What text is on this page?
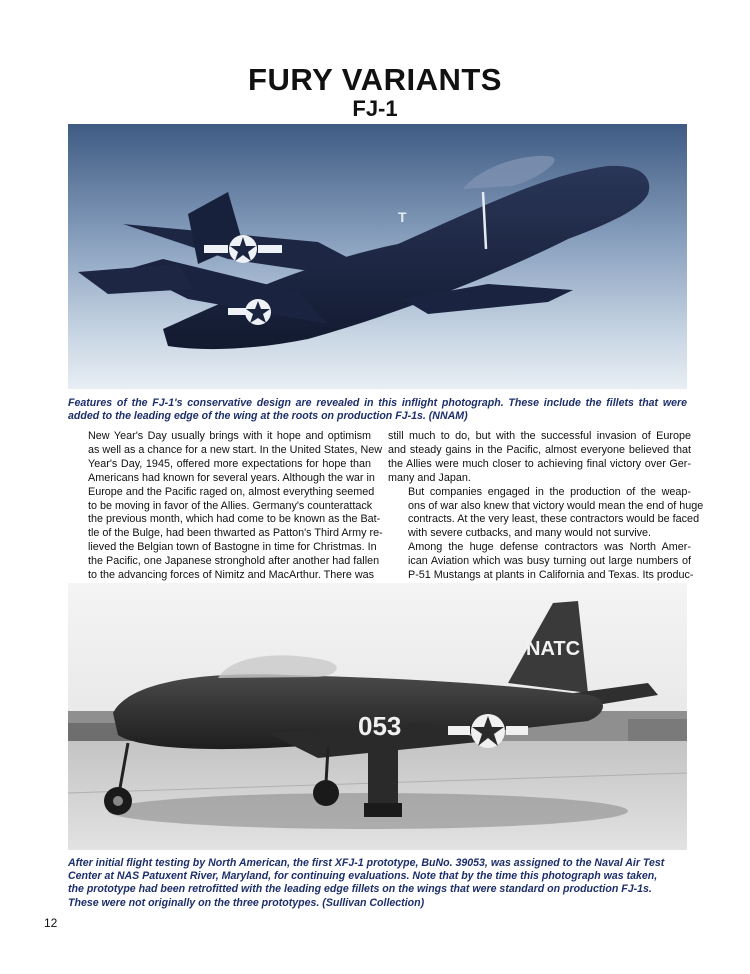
FURY VARIANTS
FJ-1
T
Features of the FJ-1's conservative design are revealed in this inflight photograph. These include the fillets that were added to the leading edge of the wing at the roots on production FJ-1s. (NNAM)

New Year's Day usually brings with it hope and optimism
as well as a chance for a new start. In the United States, New
Year's Day, 1945, offered more expectations for hope than
Americans had known for several years. Although the war in
Europe and the Pacific raged on, almost everything seemed
to be moving in favor of the Allies. Germany's counterattack
the previous month, which had come to be known as the Bat-
tle of the Bulge, had been thwarted as Patton's Third Army re-
lieved the Belgian town of Bastogne in time for Christmas. In
the Pacific, one Japanese stronghold after another had fallen
to the advancing forces of Nimitz and MacArthur. There was

still much to do, but with the successful invasion of Europe
and steady gains in the Pacific, almost everyone believed that
the Allies were much closer to achieving final victory over Ger-
many and Japan.

But companies engaged in the production of the weap-
ons of war also knew that victory would mean the end of huge
contracts. At the very least, these contractors would be faced
with severe cutbacks, and many would not survive.

Among the huge defense contractors was North Amer-
ican Aviation which was busy turning out large numbers of
P-51 Mustangs at plants in California and Texas. Its produc-

NATC
053
After initial flight testing by North American, the first XFJ-1 prototype, BuNo. 39053, was assigned to the Naval Air Test
Center at NAS Patuxent River, Maryland, for continuing evaluations. Note that by the time this photograph was taken,
the prototype had been retrofitted with the leading edge fillets on the wings that were standard on production FJ-1s.
These were not originally on the three prototypes. (Sullivan Collection)
12
